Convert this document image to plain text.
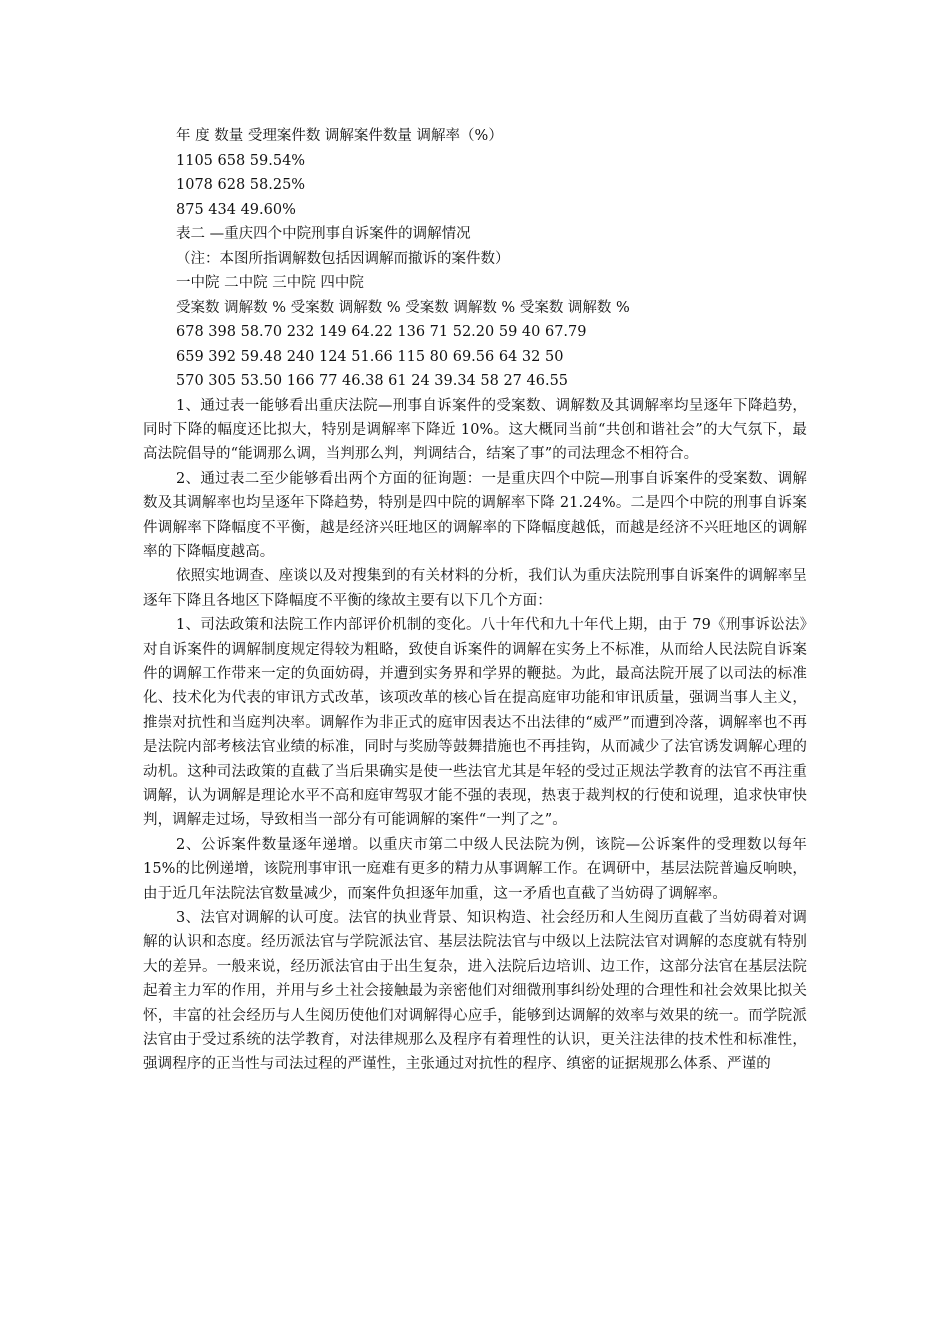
年 度 数量 受理案件数 调解案件数量 调解率（%）
1105 658 59.54%
1078 628 58.25%
875 434 49.60%
表二 —重庆四个中院刑事自诉案件的调解情况
（注：本图所指调解数包括因调解而撤诉的案件数）
一中院 二中院 三中院 四中院
受案数 调解数 % 受案数 调解数 % 受案数 调解数 % 受案数 调解数 %
678 398 58.70 232 149 64.22 136 71 52.20 59 40 67.79
659 392 59.48 240 124 51.66 115 80 69.56 64 32 50
570 305 53.50 166 77 46.38 61 24 39.34 58 27 46.55

1、通过表一能够看出重庆法院—刑事自诉案件的受案数、调解数及其调解率均呈逐年下降趋势，同时下降的幅度还比拟大，特别是调解率下降近 10%。这大概同当前“共创和谐社会”的大气氛下，最高法院倡导的“能调那么调，当判那么判，判调结合，结案了事”的司法理念不相符合。

2、通过表二至少能够看出两个方面的征询题：一是重庆四个中院—刑事自诉案件的受案数、调解数及其调解率也均呈逐年下降趋势，特别是四中院的调解率下降 21.24%。二是四个中院的刑事自诉案件调解率下降幅度不平衡，越是经济兴旺地区的调解率的下降幅度越低，而越是经济不兴旺地区的调解率的下降幅度越高。

依照实地调查、座谈以及对搜集到的有关材料的分析，我们认为重庆法院刑事自诉案件的调解率呈逐年下降且各地区下降幅度不平衡的缘故主要有以下几个方面：

1、司法政策和法院工作内部评价机制的变化。八十年代和九十年代上期，由于 79《刑事诉讼法》对自诉案件的调解制度规定得较为粗略，致使自诉案件的调解在实务上不标准，从而给人民法院自诉案件的调解工作带来一定的负面妨碍，并遭到实务界和学界的鞭挞。为此，最高法院开展了以司法的标准化、技术化为代表的审讯方式改革，该项改革的核心旨在提高庭审功能和审讯质量，强调当事人主义，推崇对抗性和当庭判决率。调解作为非正式的庭审因表达不出法律的“威严”而遭到冷落，调解率也不再是法院内部考核法官业绩的标准，同时与奖励等鼓舞措施也不再挂钩，从而减少了法官诱发调解心理的动机。这种司法政策的直截了当后果确实是使一些法官尤其是年轻的受过正规法学教育的法官不再注重调解，认为调解是理论水平不高和庭审驾驭才能不强的表现，热衷于裁判权的行使和说理，追求快审快判，调解走过场，导致相当一部分有可能调解的案件“一判了之”。

2、公诉案件数量逐年递增。以重庆市第二中级人民法院为例，该院—公诉案件的受理数以每年 15%的比例递增，该院刑事审讯一庭难有更多的精力从事调解工作。在调研中，基层法院普遍反响映，由于近几年法院法官数量减少，而案件负担逐年加重，这一矛盾也直截了当妨碍了调解率。

3、法官对调解的认可度。法官的执业背景、知识构造、社会经历和人生阅历直截了当妨碍着对调解的认识和态度。经历派法官与学院派法官、基层法院法官与中级以上法院法官对调解的态度就有特别大的差异。一般来说，经历派法官由于出生复杂，进入法院后边培训、边工作，这部分法官在基层法院起着主力军的作用，并用与乡土社会接触最为亲密他们对细微刑事纠纷处理的合理性和社会效果比拟关怀，丰富的社会经历与人生阅历使他们对调解得心应手，能够到达调解的效率与效果的统一。而学院派法官由于受过系统的法学教育，对法律规那么及程序有着理性的认识，更关注法律的技术性和标准性，强调程序的正当性与司法过程的严谨性，主张通过对抗性的程序、缜密的证据规那么体系、严谨的
